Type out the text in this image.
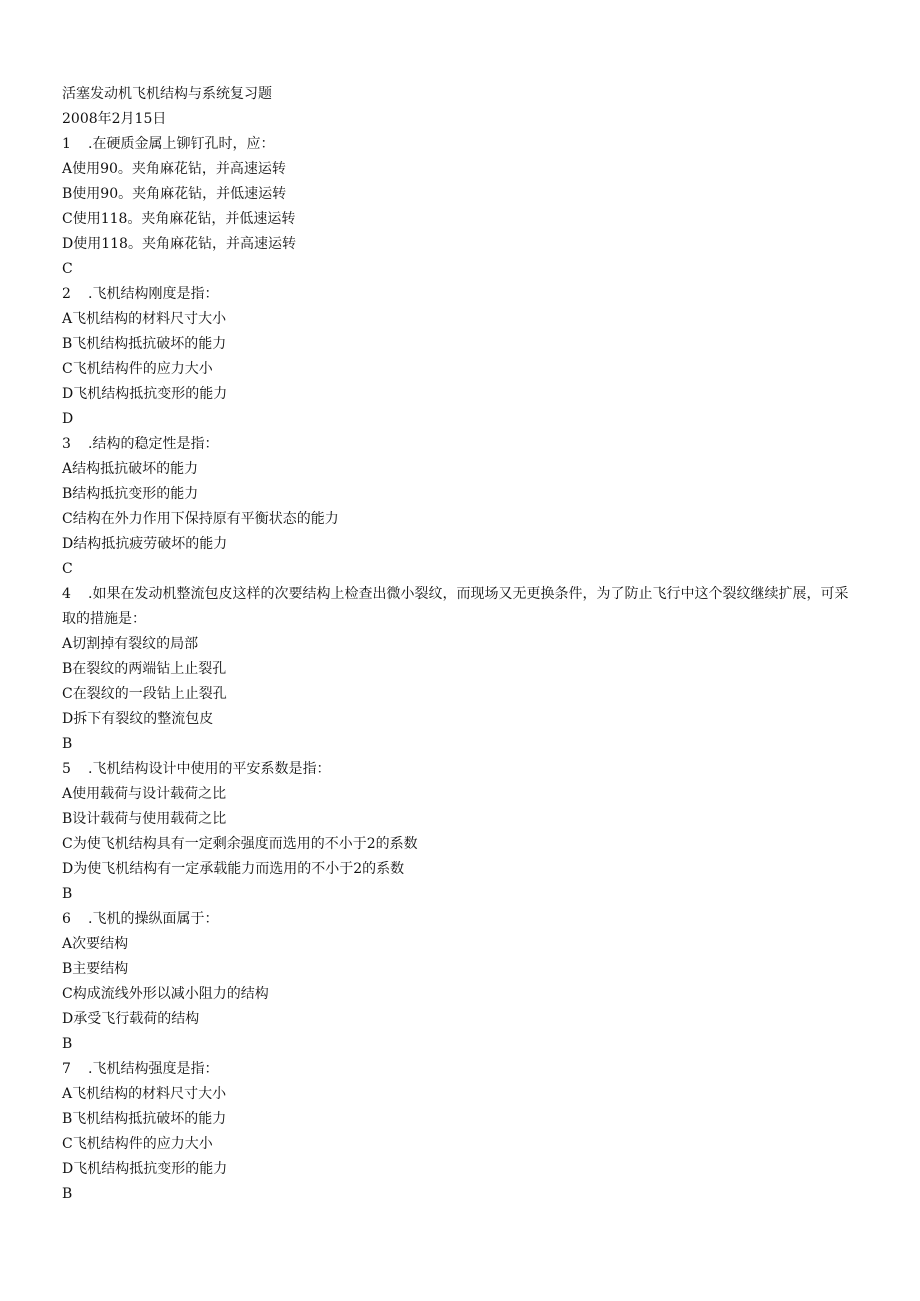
活塞发动机飞机结构与系统复习题

2008年2月15日

1 .在硬质金属上铆钉孔时，应：

A使用90。夹角麻花钻，并高速运转

B使用90。夹角麻花钻，并低速运转

C使用118。夹角麻花钻，并低速运转

D使用118。夹角麻花钻，并高速运转

C

2 .飞机结构刚度是指：

A飞机结构的材料尺寸大小

B飞机结构抵抗破坏的能力

C飞机结构件的应力大小

D飞机结构抵抗变形的能力

D

3 .结构的稳定性是指：

A结构抵抗破坏的能力

B结构抵抗变形的能力

C结构在外力作用下保持原有平衡状态的能力

D结构抵抗疲劳破坏的能力

C

4 .如果在发动机整流包皮这样的次要结构上检查出微小裂纹，而现场又无更换条件，为了防止飞行中这个裂纹继续扩展，可采取的措施是：

A切割掉有裂纹的局部

B在裂纹的两端钻上止裂孔

C在裂纹的一段钻上止裂孔

D拆下有裂纹的整流包皮

B

5 .飞机结构设计中使用的平安系数是指：

A使用载荷与设计载荷之比

B设计载荷与使用载荷之比

C为使飞机结构具有一定剩余强度而选用的不小于2的系数

D为使飞机结构有一定承载能力而选用的不小于2的系数

B

6 .飞机的操纵面属于：

A次要结构

B主要结构

C构成流线外形以减小阻力的结构

D承受飞行载荷的结构

B

7 .飞机结构强度是指：

A飞机结构的材料尺寸大小

B飞机结构抵抗破坏的能力

C飞机结构件的应力大小

D飞机结构抵抗变形的能力

B
